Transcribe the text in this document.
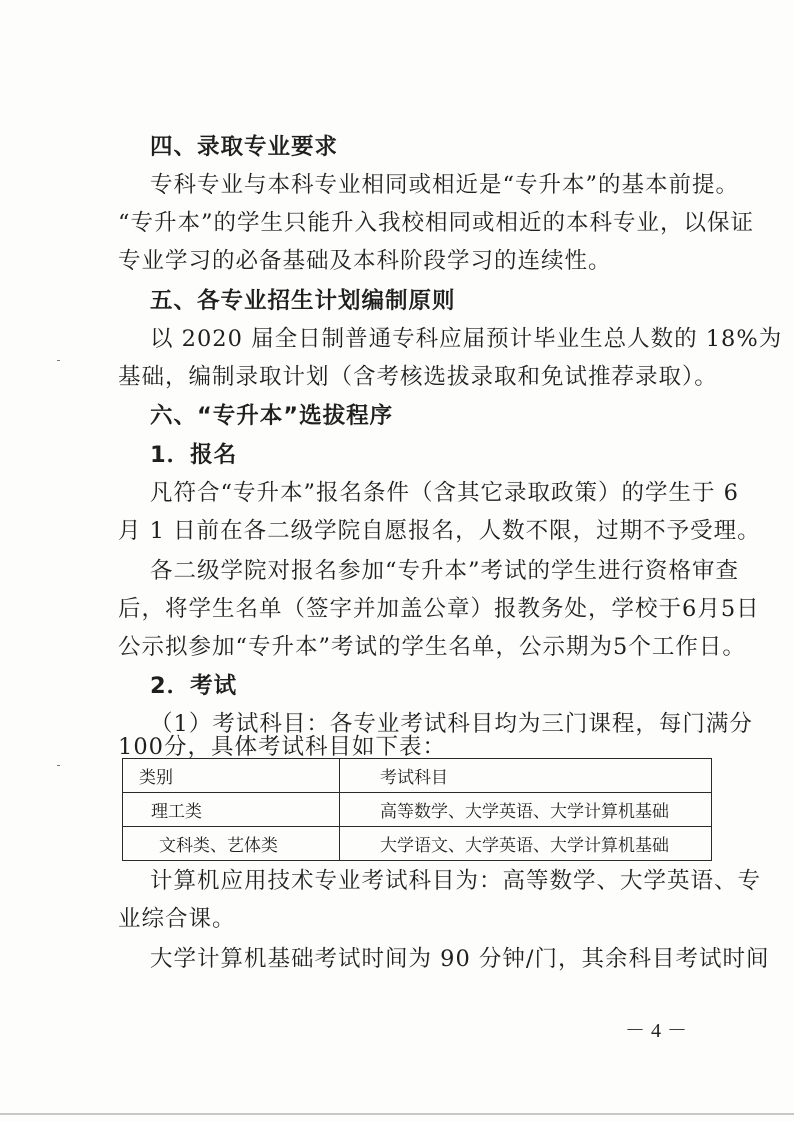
四、录取专业要求
专科专业与本科专业相同或相近是“专升本”的基本前提。
“专升本”的学生只能升入我校相同或相近的本科专业，以保证
专业学习的必备基础及本科阶段学习的连续性。
五、各专业招生计划编制原则
以 2020 届全日制普通专科应届预计毕业生总人数的 18%为
基础，编制录取计划（含考核选拔录取和免试推荐录取）。
六、“专升本”选拔程序
1．报名
凡符合“专升本”报名条件（含其它录取政策）的学生于 6
月 1 日前在各二级学院自愿报名，人数不限，过期不予受理。
各二级学院对报名参加“专升本”考试的学生进行资格审查
后，将学生名单（签字并加盖公章）报教务处，学校于6月5日
公示拟参加“专升本”考试的学生名单，公示期为5个工作日。
2．考试
（1）考试科目：各专业考试科目均为三门课程，每门满分
100分，具体考试科目如下表：
类别	考试科目
理工类	高等数学、大学英语、大学计算机基础
文科类、艺体类	大学语文、大学英语、大学计算机基础
计算机应用技术专业考试科目为：高等数学、大学英语、专
业综合课。
大学计算机基础考试时间为 90 分钟/门，其余科目考试时间
－4－
